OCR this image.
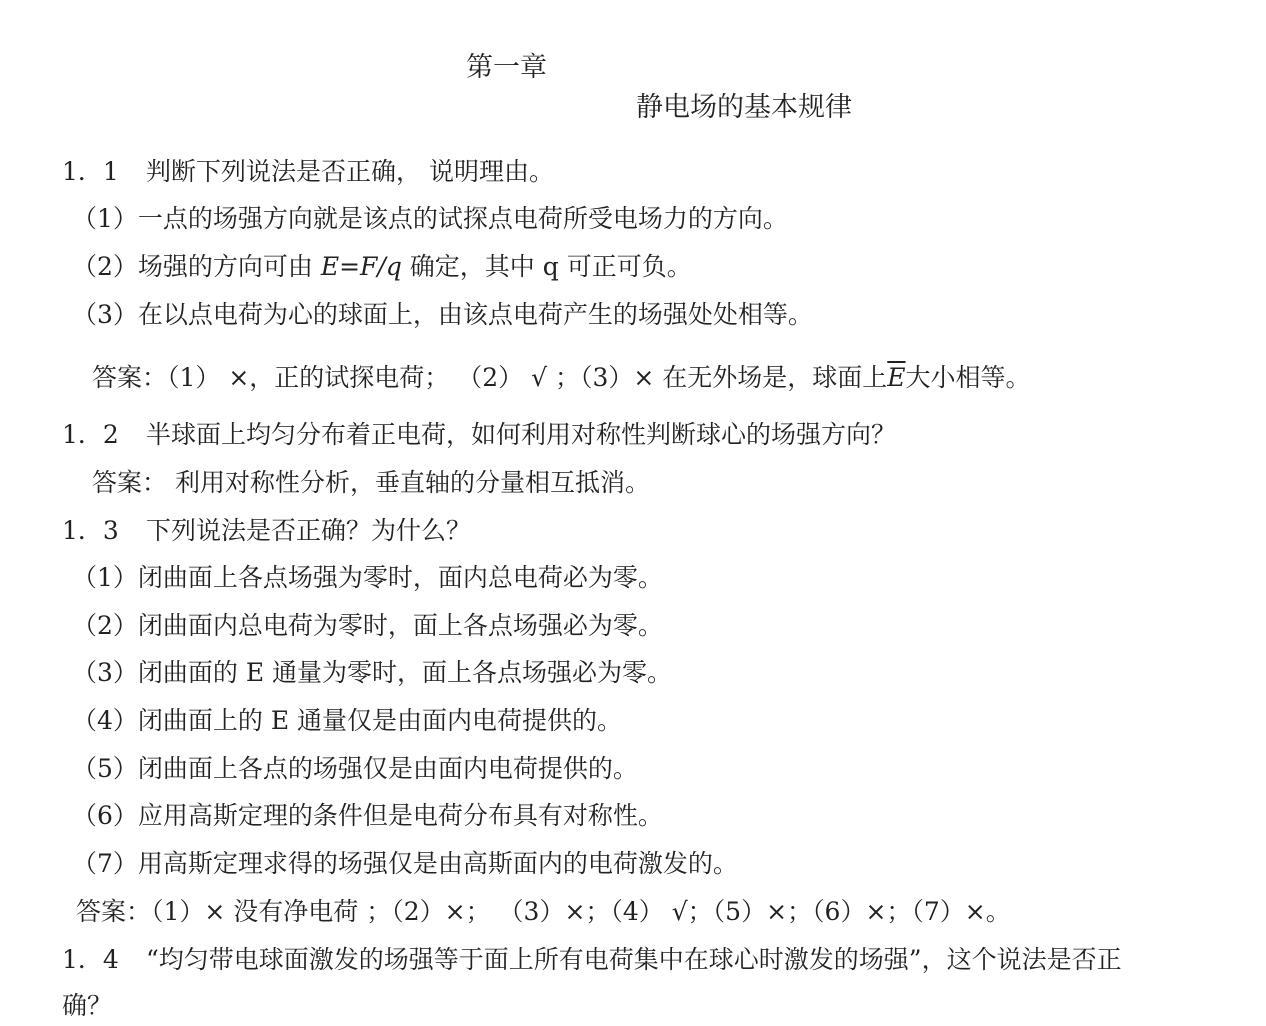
第一章

静电场的基本规律

1．1 判断下列说法是否正确， 说明理由。
（1）一点的场强方向就是该点的试探点电荷所受电场力的方向。
（2）场强的方向可由 E=F/q 确定，其中 q 可正可负。
（3）在以点电荷为心的球面上，由该点电荷产生的场强处处相等。
答案：（1） ×，正的试探电荷； （2） √ ；（3）× 在无外场是，球面上$\overline{E}$大小相等。
1．2 半球面上均匀分布着正电荷，如何利用对称性判断球心的场强方向？
答案： 利用对称性分析，垂直轴的分量相互抵消。
1．3 下列说法是否正确？为什么？
（1）闭曲面上各点场强为零时，面内总电荷必为零。
（2）闭曲面内总电荷为零时，面上各点场强必为零。
（3）闭曲面的 E 通量为零时，面上各点场强必为零。
（4）闭曲面上的 E 通量仅是由面内电荷提供的。
（5）闭曲面上各点的场强仅是由面内电荷提供的。
（6）应用高斯定理的条件但是电荷分布具有对称性。
（7）用高斯定理求得的场强仅是由高斯面内的电荷激发的。
答案：（1）× 没有净电荷 ；（2）×； （3）×；（4） √；（5）×；（6）×；（7）×。
1．4 “均匀带电球面激发的场强等于面上所有电荷集中在球心时激发的场强”，这个说法是否正
确？
